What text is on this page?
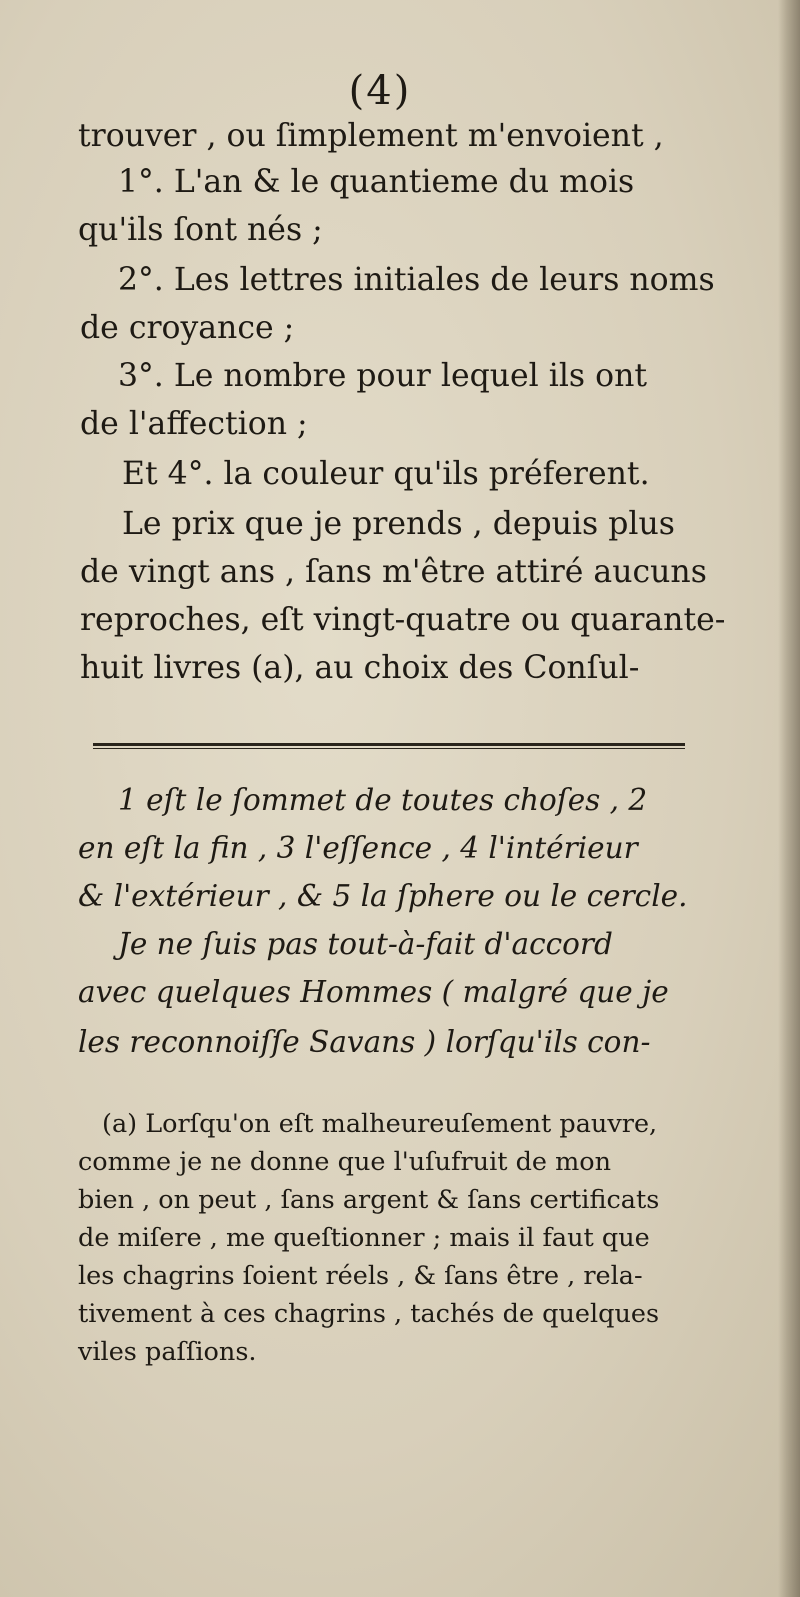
(4)
trouver , ou ſimplement m'envoient ,
1°. L'an & le quantieme du mois
qu'ils ſont nés ;
2°. Les lettres initiales de leurs noms
de croyance ;
3°. Le nombre pour lequel ils ont
de l'affection ;
Et 4°. la couleur qu'ils préferent.
Le prix que je prends , depuis plus
de vingt ans , ſans m'être attiré aucuns
reproches, eſt vingt-quatre ou quarante-
huit livres (a), au choix des Conſul-
1 eſt le ſommet de toutes choſes , 2
en eſt la fin , 3 l'eſſence , 4 l'intérieur
& l'extérieur , & 5 la ſphere ou le cercle.
Je ne ſuis pas tout-à-fait d'accord
avec quelques Hommes ( malgré que je
les reconnoiſſe Savans ) lorſqu'ils con-
(a) Lorſqu'on eſt malheureuſement pauvre,
comme je ne donne que l'uſufruit de mon
bien , on peut , ſans argent & ſans certificats
de miſere , me queſtionner ; mais il faut que
les chagrins ſoient réels , & ſans être , rela-
tivement à ces chagrins , tachés de quelques
viles paſſions.
